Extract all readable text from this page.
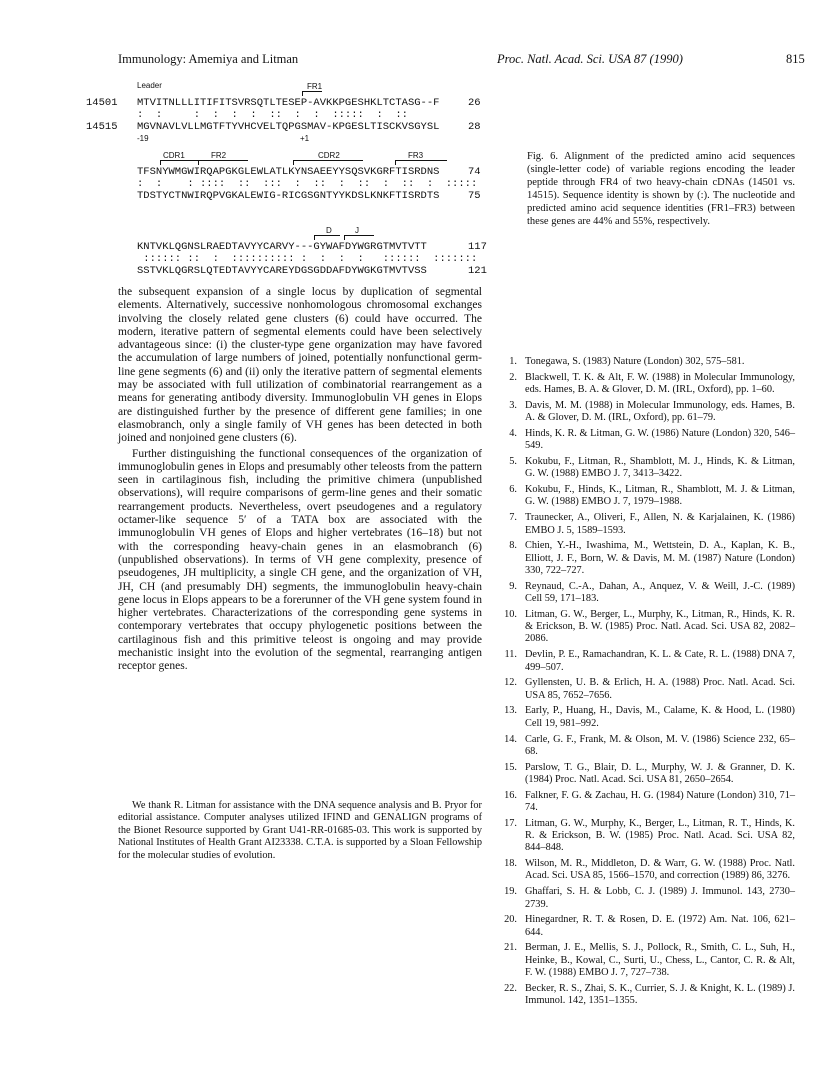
Immunology: Amemiya and Litman	Proc. Natl. Acad. Sci. USA 87 (1990)	815
Leader	FR1
14501 MTVITNLLLITIFITSVRSQTLTESEP-AVKKPGESHKLTCTASG--F	26
:  :     :  :  :  :  ::  :  :  :::::  :  ::
14515 MGVNAVLVLLMGTFTYVHCVELTQPGSMAV-KPGESLTISCKVSGYSL	28
-19	+1
CDR1	FR2	CDR2	FR3
TFSNYWMGWIRQAPGKGLEWLATLKYNSAEEYYSQSVKGRFTISRDNS	74
:  :    : ::::  ::  :::  :  ::  :  ::  :  ::  :  :::::
TDSTYCTNWIRQPVGKALEWIG-RICGSGNTYYKDSLKNKFTISRDTS	75
D	J
KNTVKLQGNSLRAEDTAVYYCARVY---GYWAFDYWGRGTMVTVTT	117
:::::: ::  :  :::::::::: :  :  :  :   ::::::  :::::::
SSTVKLQGRSLQTEDTAVYYCAREYDGSGDDAFDYWGKGTMVTVSS	121
Fig. 6. Alignment of the predicted amino acid sequences (single-letter code) of variable regions encoding the leader peptide through FR4 of two heavy-chain cDNAs (14501 vs. 14515). Sequence identity is shown by (:). The nucleotide and predicted amino acid sequence identities (FR1–FR3) between these genes are 44% and 55%, respectively.

the subsequent expansion of a single locus by duplication of segmental elements. Alternatively, successive nonhomologous chromosomal exchanges involving the closely related gene clusters (6) could have occurred. The modern, iterative pattern of segmental elements could have been selectively advantageous since: (i) the cluster-type gene organization may have favored the accumulation of large numbers of joined, potentially nonfunctional germ-line gene segments (6) and (ii) only the iterative pattern of segmental elements may be associated with full utilization of combinatorial rearrangement as a means for generating antibody diversity. Immunoglobulin VH genes in Elops are distinguished further by the presence of different gene families; in one elasmobranch, only a single family of VH genes has been detected in both joined and nonjoined gene clusters (6).

Further distinguishing the functional consequences of the organization of immunoglobulin genes in Elops and presumably other teleosts from the pattern seen in cartilaginous fish, including the primitive chimera (unpublished observations), will require comparisons of germ-line genes and their somatic rearrangement products. Nevertheless, overt pseudogenes and a regulatory octamer-like sequence 5′ of a TATA box are associated with the immunoglobulin VH genes of Elops and higher vertebrates (16–18) but not with the corresponding heavy-chain genes in an elasmobranch (6) (unpublished observations). In terms of VH gene complexity, presence of pseudogenes, JH multiplicity, a single CH gene, and the organization of VH, JH, CH (and presumably DH) segments, the immunoglobulin heavy-chain gene locus in Elops appears to be a forerunner of the VH gene system found in higher vertebrates. Characterizations of the corresponding gene systems in contemporary vertebrates that occupy phylogenetic positions between the cartilaginous fish and this primitive teleost is ongoing and may provide mechanistic insight into the evolution of the segmental, rearranging antigen receptor genes.

We thank R. Litman for assistance with the DNA sequence analysis and B. Pryor for editorial assistance. Computer analyses utilized IFIND and GENALIGN programs of the Bionet Resource supported by Grant U41-RR-01685-03. This work is supported by National Institutes of Health Grant AI23338. C.T.A. is supported by a Sloan Fellowship for the molecular studies of evolution.
1. Tonegawa, S. (1983) Nature (London) 302, 575–581.
2. Blackwell, T. K. & Alt, F. W. (1988) in Molecular Immunology, eds. Hames, B. A. & Glover, D. M. (IRL, Oxford), pp. 1–60.
3. Davis, M. M. (1988) in Molecular Immunology, eds. Hames, B. A. & Glover, D. M. (IRL, Oxford), pp. 61–79.
4. Hinds, K. R. & Litman, G. W. (1986) Nature (London) 320, 546–549.
5. Kokubu, F., Litman, R., Shamblott, M. J., Hinds, K. & Litman, G. W. (1988) EMBO J. 7, 3413–3422.
6. Kokubu, F., Hinds, K., Litman, R., Shamblott, M. J. & Litman, G. W. (1988) EMBO J. 7, 1979–1988.
7. Traunecker, A., Oliveri, F., Allen, N. & Karjalainen, K. (1986) EMBO J. 5, 1589–1593.
8. Chien, Y.-H., Iwashima, M., Wettstein, D. A., Kaplan, K. B., Elliott, J. F., Born, W. & Davis, M. M. (1987) Nature (London) 330, 722–727.
9. Reynaud, C.-A., Dahan, A., Anquez, V. & Weill, J.-C. (1989) Cell 59, 171–183.
10. Litman, G. W., Berger, L., Murphy, K., Litman, R., Hinds, K. R. & Erickson, B. W. (1985) Proc. Natl. Acad. Sci. USA 82, 2082–2086.
11. Devlin, P. E., Ramachandran, K. L. & Cate, R. L. (1988) DNA 7, 499–507.
12. Gyllensten, U. B. & Erlich, H. A. (1988) Proc. Natl. Acad. Sci. USA 85, 7652–7656.
13. Early, P., Huang, H., Davis, M., Calame, K. & Hood, L. (1980) Cell 19, 981–992.
14. Carle, G. F., Frank, M. & Olson, M. V. (1986) Science 232, 65–68.
15. Parslow, T. G., Blair, D. L., Murphy, W. J. & Granner, D. K. (1984) Proc. Natl. Acad. Sci. USA 81, 2650–2654.
16. Falkner, F. G. & Zachau, H. G. (1984) Nature (London) 310, 71–74.
17. Litman, G. W., Murphy, K., Berger, L., Litman, R. T., Hinds, K. R. & Erickson, B. W. (1985) Proc. Natl. Acad. Sci. USA 82, 844–848.
18. Wilson, M. R., Middleton, D. & Warr, G. W. (1988) Proc. Natl. Acad. Sci. USA 85, 1566–1570, and correction (1989) 86, 3276.
19. Ghaffari, S. H. & Lobb, C. J. (1989) J. Immunol. 143, 2730–2739.
20. Hinegardner, R. T. & Rosen, D. E. (1972) Am. Nat. 106, 621–644.
21. Berman, J. E., Mellis, S. J., Pollock, R., Smith, C. L., Suh, H., Heinke, B., Kowal, C., Surti, U., Chess, L., Cantor, C. R. & Alt, F. W. (1988) EMBO J. 7, 727–738.
22. Becker, R. S., Zhai, S. K., Currier, S. J. & Knight, K. L. (1989) J. Immunol. 142, 1351–1355.
